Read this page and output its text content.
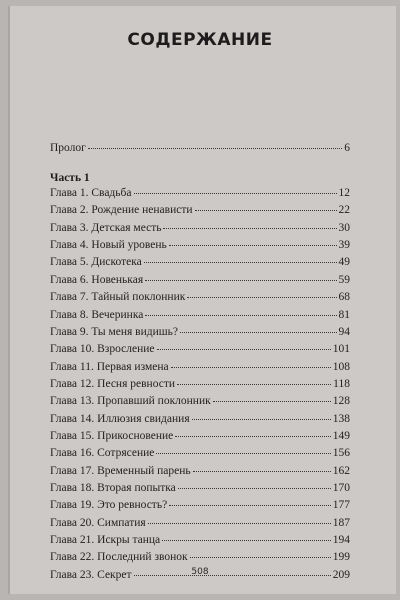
СОДЕРЖАНИЕ
Пролог	6
Часть 1
Глава 1. Свадьба	12
Глава 2. Рождение ненависти	22
Глава 3. Детская месть	30
Глава 4. Новый уровень	39
Глава 5. Дискотека	49
Глава 6. Новенькая	59
Глава 7. Тайный поклонник	68
Глава 8. Вечеринка	81
Глава 9. Ты меня видишь?	94
Глава 10. Взросление	101
Глава 11. Первая измена	108
Глава 12. Песня ревности	118
Глава 13. Пропавший поклонник	128
Глава 14. Иллюзия свидания	138
Глава 15. Прикосновение	149
Глава 16. Сотрясение	156
Глава 17. Временный парень	162
Глава 18. Вторая попытка	170
Глава 19. Это ревность?	177
Глава 20. Симпатия	187
Глава 21. Искры танца	194
Глава 22. Последний звонок	199
Глава 23. Секрет	209
508
